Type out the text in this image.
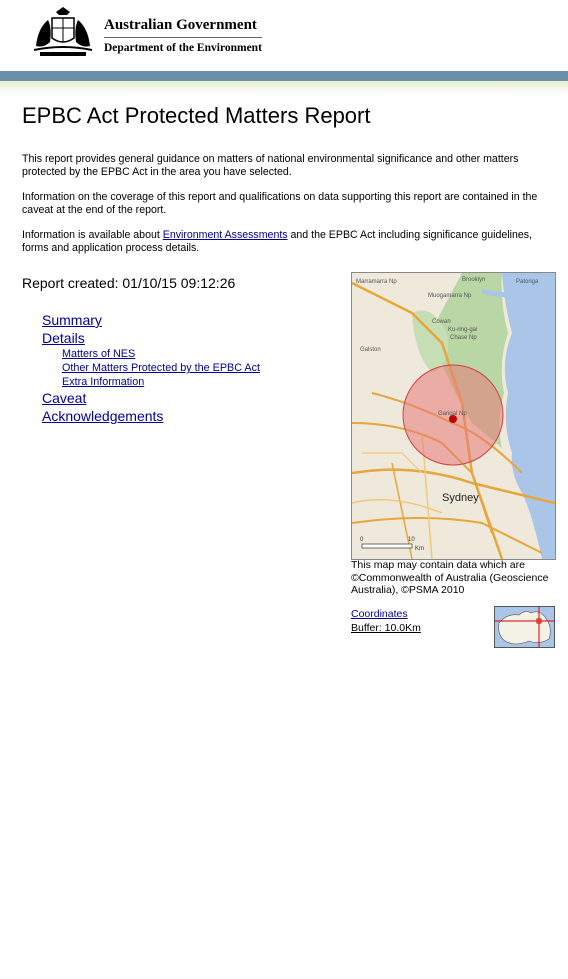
Australian Government
Department of the Environment
EPBC Act Protected Matters Report

This report provides general guidance on matters of national environmental significance and other matters protected by the EPBC Act in the area you have selected.

Information on the coverage of this report and qualifications on data supporting this report are contained in the caveat at the end of the report.

Information is available about Environment Assessments and the EPBC Act including significance guidelines, forms and application process details.

Report created: 01/10/15 09:12:26
Summary
Details
Matters of NES
Other Matters Protected by the EPBC Act
Extra Information
Caveat
Acknowledgements
Marramarra Np	Brooklyn	Patonga
Muogamarra Np
Cowan
Ku-ring-gai
Chase Np
Galston
Garigal Np
Sydney
0	10
Km
This map may contain data which are ©Commonwealth of Australia (Geoscience Australia), ©PSMA 2010
Coordinates
Buffer: 10.0Km
